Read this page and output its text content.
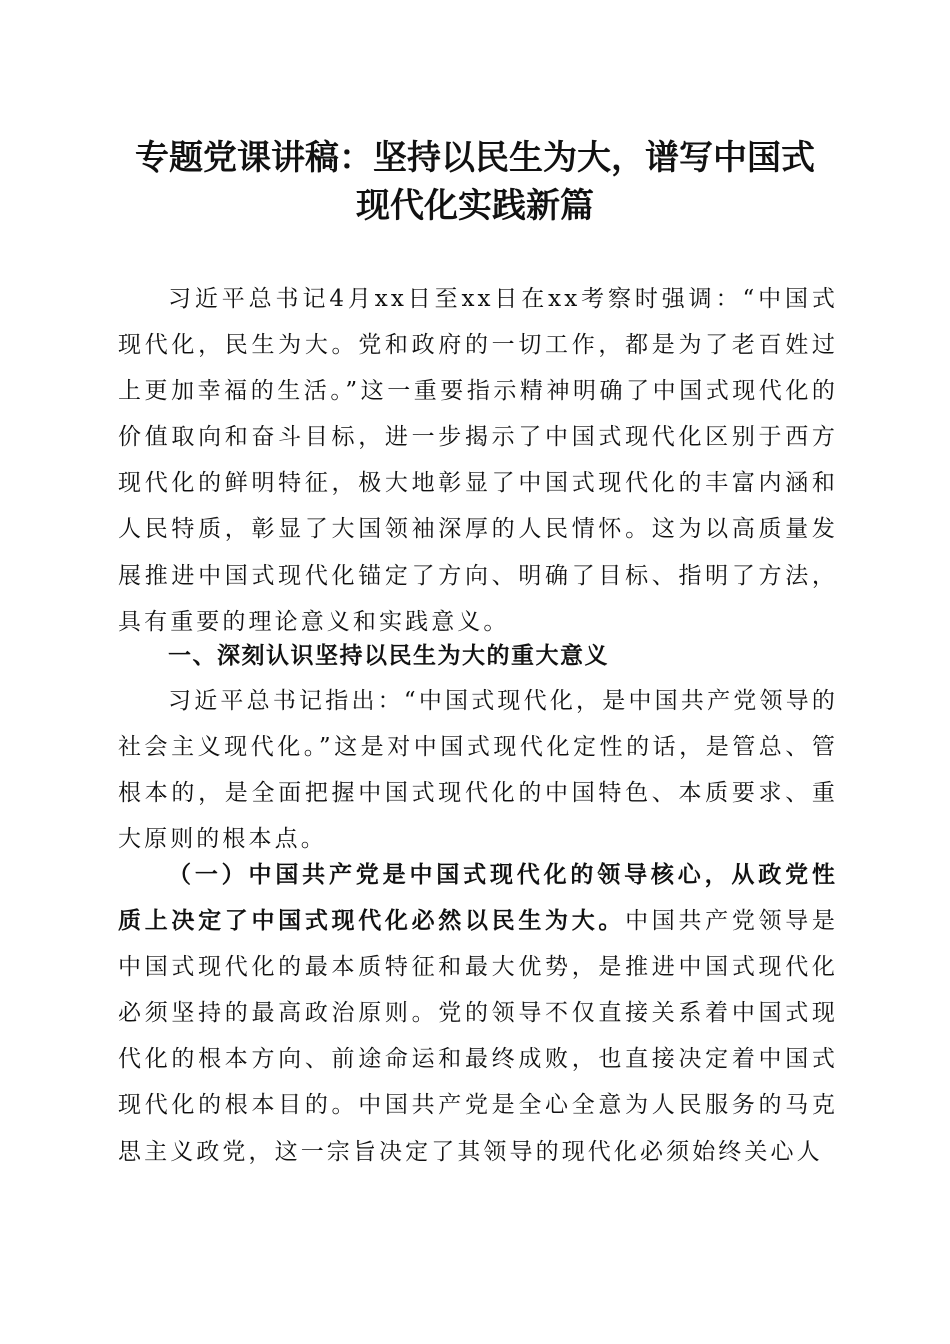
专题党课讲稿：坚持以民生为大，谱写中国式
现代化实践新篇
习近平总书记4月xx日至xx日在xx考察时强调：“中国式现代化，民生为大。党和政府的一切工作，都是为了老百姓过上更加幸福的生活。”这一重要指示精神明确了中国式现代化的价值取向和奋斗目标，进一步揭示了中国式现代化区别于西方现代化的鲜明特征，极大地彰显了中国式现代化的丰富内涵和人民特质，彰显了大国领袖深厚的人民情怀。这为以高质量发展推进中国式现代化锚定了方向、明确了目标、指明了方法，具有重要的理论意义和实践意义。
一、深刻认识坚持以民生为大的重大意义
习近平总书记指出：“中国式现代化，是中国共产党领导的社会主义现代化。”这是对中国式现代化定性的话，是管总、管根本的，是全面把握中国式现代化的中国特色、本质要求、重大原则的根本点。
（一）中国共产党是中国式现代化的领导核心，从政党性质上决定了中国式现代化必然以民生为大。中国共产党领导是中国式现代化的最本质特征和最大优势，是推进中国式现代化必须坚持的最高政治原则。党的领导不仅直接关系着中国式现代化的根本方向、前途命运和最终成败，也直接决定着中国式现代化的根本目的。中国共产党是全心全意为人民服务的马克思主义政党，这一宗旨决定了其领导的现代化必须始终关心人
